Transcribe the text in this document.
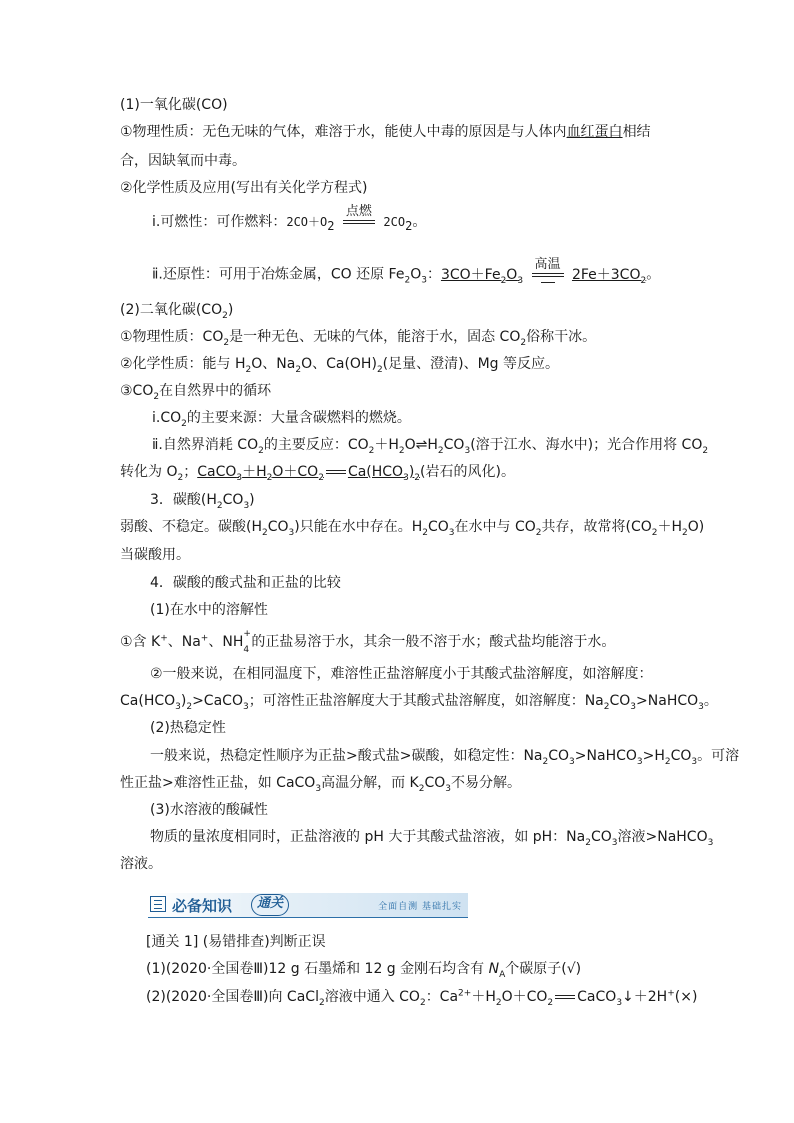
(1)一氧化碳(CO)
①物理性质：无色无味的气体，难溶于水，能使人中毒的原因是与人体内血红蛋白相结
合，因缺氧而中毒。
②化学性质及应用(写出有关化学方程式)
ⅰ.可燃性：可作燃料：$2CO+O_2$
点燃
$2CO_2$。
ⅱ.还原性：可用于冶炼金属，CO 还原 $Fe_2O_3$：$3CO+Fe_2O_3$
高温
$2Fe+3CO_2$。
(2)二氧化碳$(CO_2)$
①物理性质：$CO_2$是一种无色、无味的气体，能溶于水，固态 $CO_2$俗称干冰。
②化学性质：能与 $H_2O$、$Na_2O$、$Ca(OH)_2$(足量、澄清)、Mg 等反应。
$③CO_2$在自然界中的循环
$ⅰ.CO_2$的主要来源：大量含碳燃料的燃烧。
ⅱ.自然界消耗 $CO_2$的主要反应：$CO_2+H_2O\rightleftharpoons H_2CO_3$(溶于江水、海水中)；光合作用将 $CO_2$
转化为 $O_2$；$CaCO_3+H_2O+CO_2$ $Ca(HCO_3)_2$(岩石的风化)。
3．碳酸$(H_2CO_3)$
弱酸、不稳定。碳酸$(H_2CO_3)$只能在水中存在。$H_2CO_3$在水中与 $CO_2$共存，故常将$(CO_2+H_2O)$
当碳酸用。
4．碳酸的酸式盐和正盐的比较
(1)在水中的溶解性
①含 K+、Na+、NH +
4 的正盐易溶于水，其余一般不溶于水；酸式盐均能溶于水。
②一般来说，在相同温度下，难溶性正盐溶解度小于其酸式盐溶解度，如溶解度：
$Ca(HCO_3)_2>CaCO_3$；可溶性正盐溶解度大于其酸式盐溶解度，如溶解度：$Na_2CO_3>NaHCO_3$。
(2)热稳定性
一般来说，热稳定性顺序为正盐>酸式盐>碳酸，如稳定性：$Na_2CO_3>NaHCO_3>H_2CO_3$。可溶
性正盐>难溶性正盐，如 CaCO$_3$高温分解，而 $K_2CO_3$不易分解。
(3)水溶液的酸碱性
物质的量浓度相同时，正盐溶液的 pH 大于其酸式盐溶液，如 pH：$Na_2CO_3$溶液>NaHCO$_3$
溶液。
必备知识	通关	全面自测 基础扎实
[通关 1] (易错排查)判断正误
(1)(2020·全国卷Ⅲ)12 g 石墨烯和 12 g 金刚石均含有 $N_A$个碳原子(√)
(2)(2020·全国卷Ⅲ)向 CaCl$_2$溶液中通入 $CO_2$：$Ca^{2+}+H_2O+CO_2$ CaCO$_3$↓＋2H+(×)
